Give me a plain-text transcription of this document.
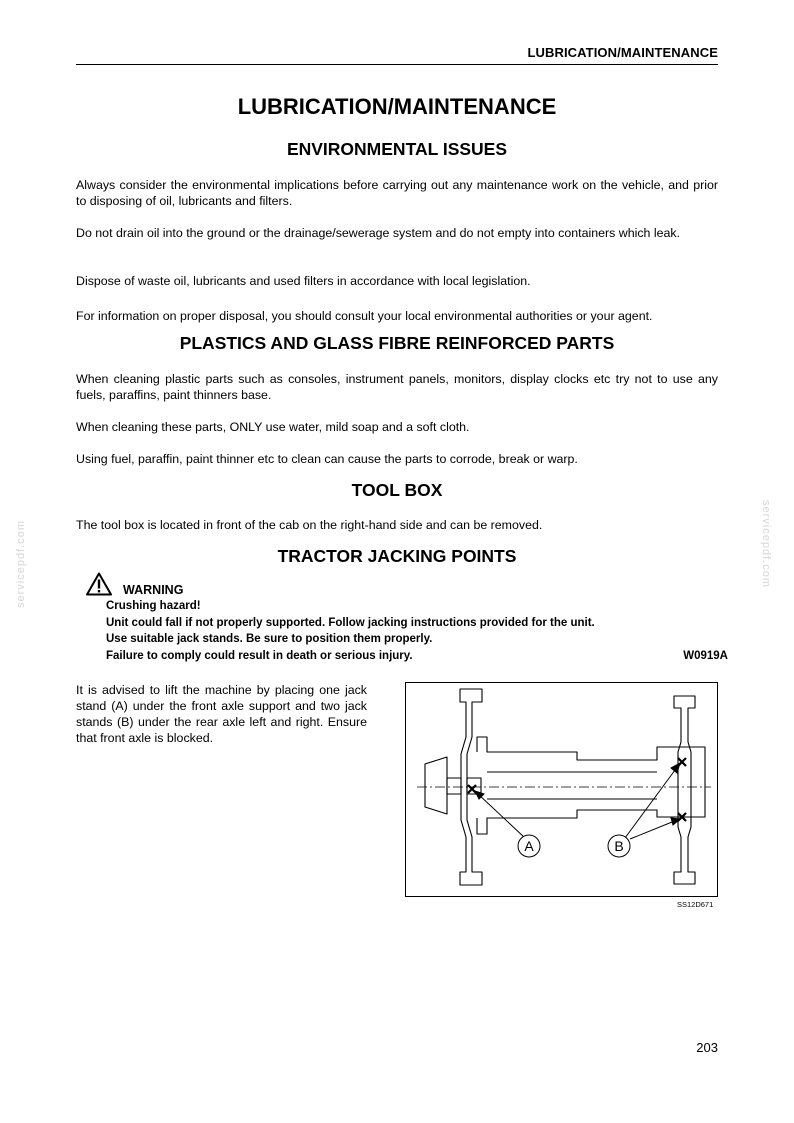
LUBRICATION/MAINTENANCE
servicepdf.com	servicepdf.com
LUBRICATION/MAINTENANCE
ENVIRONMENTAL ISSUES

Always consider the environmental implications before carrying out any maintenance work on the vehicle, and prior to disposing of oil, lubricants and filters.

Do not drain oil into the ground or the drainage/sewerage system and do not empty into containers which leak.

Dispose of waste oil, lubricants and used filters in accordance with local legislation.

For information on proper disposal, you should consult your local environmental authorities or your agent.

PLASTICS AND GLASS FIBRE REINFORCED PARTS

When cleaning plastic parts such as consoles, instrument panels, monitors, display clocks etc try not to use any fuels, paraffins, paint thinners base.

When cleaning these parts, ONLY use water, mild soap and a soft cloth.

Using fuel, paraffin, paint thinner etc to clean can cause the parts to corrode, break or warp.

TOOL BOX

The tool box is located in front of the cab on the right-hand side and can be removed.

TRACTOR JACKING POINTS
WARNING
Crushing hazard!
Unit could fall if not properly supported. Follow jacking instructions provided for the unit.
Use suitable jack stands. Be sure to position them properly.
Failure to comply could result in death or serious injury.	W0919A

It is advised to lift the machine by placing one jack stand (A) under the front axle support and two jack stands (B) under the rear axle left and right. Ensure that front axle is blocked.

A	B
SS12D671
203
